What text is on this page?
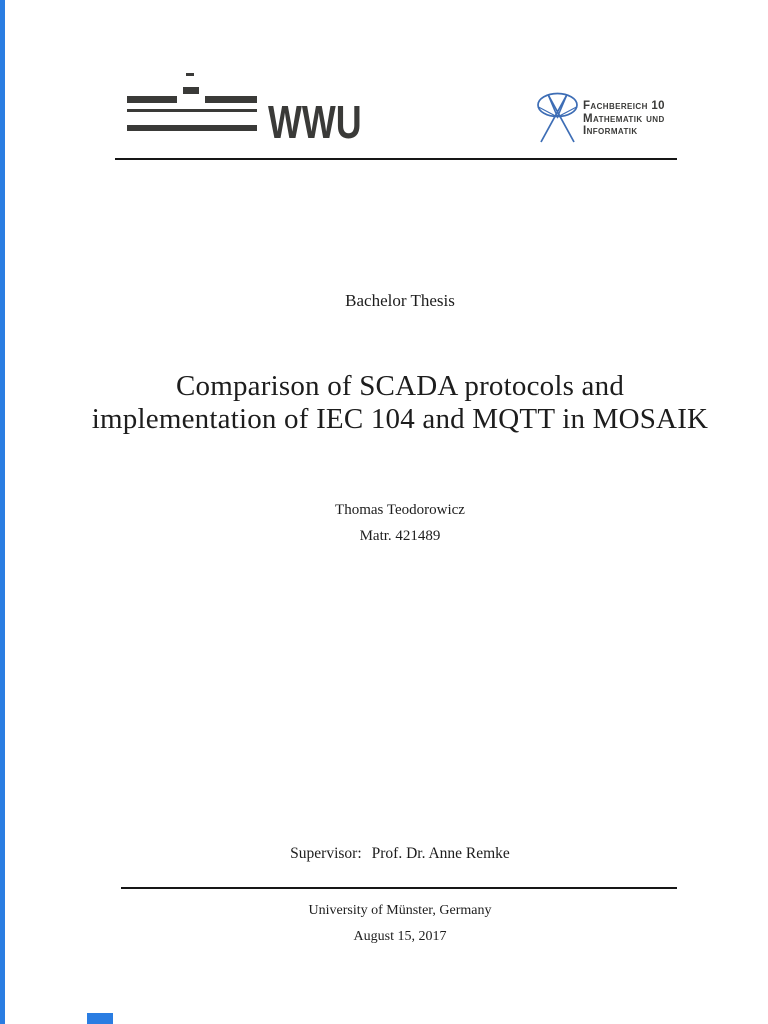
WWU	Fachbereich 10
Mathematik und
Informatik
Bachelor Thesis
Comparison of SCADA protocols and
implementation of IEC 104 and MQTT in MOSAIK
Thomas Teodorowicz
Matr. 421489
Supervisor: Prof. Dr. Anne Remke
University of Münster, Germany
August 15, 2017
